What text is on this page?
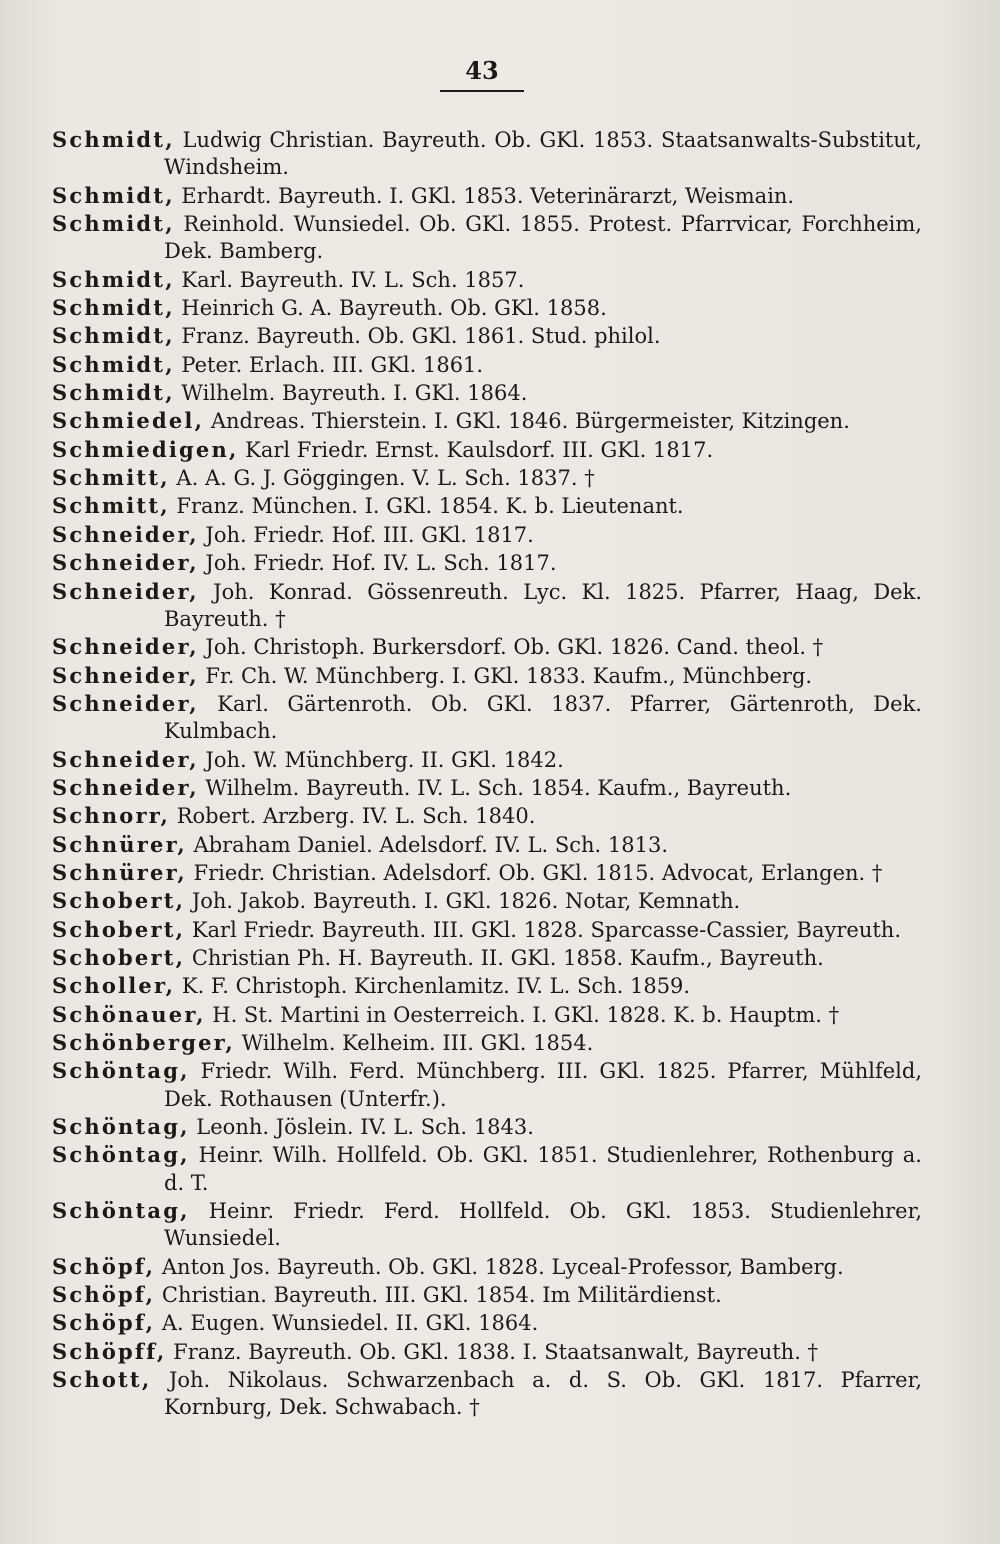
43
Schmidt, Ludwig Christian. Bayreuth. Ob. GKl. 1853. Staatsanwalts-Substitut, Windsheim.
Schmidt, Erhardt. Bayreuth. I. GKl. 1853. Veterinärarzt, Weismain.
Schmidt, Reinhold. Wunsiedel. Ob. GKl. 1855. Protest. Pfarrvicar, Forchheim, Dek. Bamberg.
Schmidt, Karl. Bayreuth. IV. L. Sch. 1857.
Schmidt, Heinrich G. A. Bayreuth. Ob. GKl. 1858.
Schmidt, Franz. Bayreuth. Ob. GKl. 1861. Stud. philol.
Schmidt, Peter. Erlach. III. GKl. 1861.
Schmidt, Wilhelm. Bayreuth. I. GKl. 1864.
Schmiedel, Andreas. Thierstein. I. GKl. 1846. Bürgermeister, Kitzingen.
Schmiedigen, Karl Friedr. Ernst. Kaulsdorf. III. GKl. 1817.
Schmitt, A. A. G. J. Göggingen. V. L. Sch. 1837. †
Schmitt, Franz. München. I. GKl. 1854. K. b. Lieutenant.
Schneider, Joh. Friedr. Hof. III. GKl. 1817.
Schneider, Joh. Friedr. Hof. IV. L. Sch. 1817.
Schneider, Joh. Konrad. Gössenreuth. Lyc. Kl. 1825. Pfarrer, Haag, Dek. Bayreuth. †
Schneider, Joh. Christoph. Burkersdorf. Ob. GKl. 1826. Cand. theol. †
Schneider, Fr. Ch. W. Münchberg. I. GKl. 1833. Kaufm., Münchberg.
Schneider, Karl. Gärtenroth. Ob. GKl. 1837. Pfarrer, Gärtenroth, Dek. Kulmbach.
Schneider, Joh. W. Münchberg. II. GKl. 1842.
Schneider, Wilhelm. Bayreuth. IV. L. Sch. 1854. Kaufm., Bayreuth.
Schnorr, Robert. Arzberg. IV. L. Sch. 1840.
Schnürer, Abraham Daniel. Adelsdorf. IV. L. Sch. 1813.
Schnürer, Friedr. Christian. Adelsdorf. Ob. GKl. 1815. Advocat, Erlangen. †
Schobert, Joh. Jakob. Bayreuth. I. GKl. 1826. Notar, Kemnath.
Schobert, Karl Friedr. Bayreuth. III. GKl. 1828. Sparcasse-Cassier, Bayreuth.
Schobert, Christian Ph. H. Bayreuth. II. GKl. 1858. Kaufm., Bayreuth.
Scholler, K. F. Christoph. Kirchenlamitz. IV. L. Sch. 1859.
Schönauer, H. St. Martini in Oesterreich. I. GKl. 1828. K. b. Hauptm. †
Schönberger, Wilhelm. Kelheim. III. GKl. 1854.
Schöntag, Friedr. Wilh. Ferd. Münchberg. III. GKl. 1825. Pfarrer, Mühlfeld, Dek. Rothausen (Unterfr.).
Schöntag, Leonh. Jöslein. IV. L. Sch. 1843.
Schöntag, Heinr. Wilh. Hollfeld. Ob. GKl. 1851. Studienlehrer, Rothenburg a. d. T.
Schöntag, Heinr. Friedr. Ferd. Hollfeld. Ob. GKl. 1853. Studienlehrer, Wunsiedel.
Schöpf, Anton Jos. Bayreuth. Ob. GKl. 1828. Lyceal-Professor, Bamberg.
Schöpf, Christian. Bayreuth. III. GKl. 1854. Im Militärdienst.
Schöpf, A. Eugen. Wunsiedel. II. GKl. 1864.
Schöpff, Franz. Bayreuth. Ob. GKl. 1838. I. Staatsanwalt, Bayreuth. †
Schott, Joh. Nikolaus. Schwarzenbach a. d. S. Ob. GKl. 1817. Pfarrer, Kornburg, Dek. Schwabach. †
